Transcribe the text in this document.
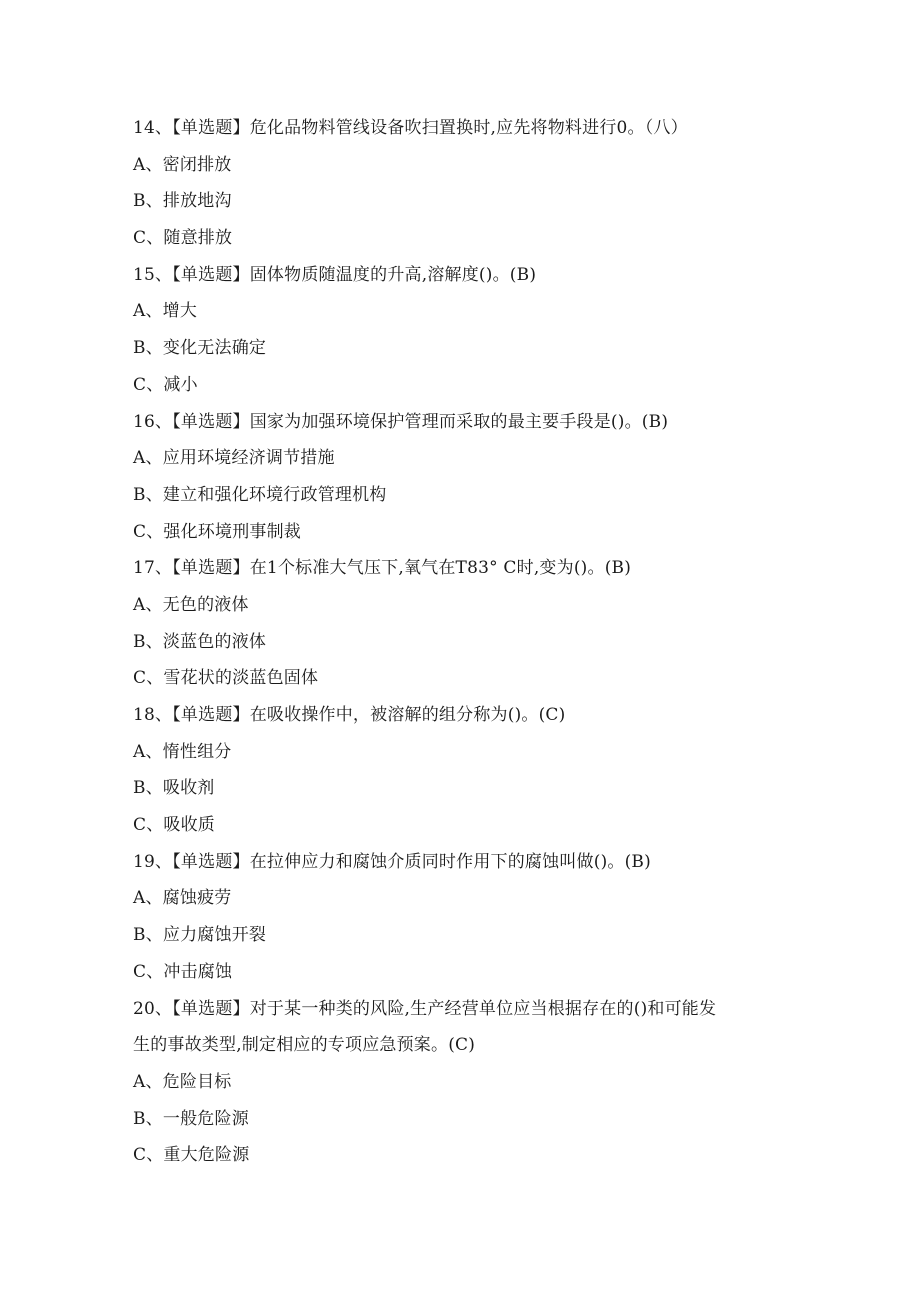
14、【单选题】危化品物料管线设备吹扫置换时,应先将物料进行0。（八）
A、密闭排放
B、排放地沟
C、随意排放
15、【单选题】固体物质随温度的升高,溶解度()。(B)
A、增大
B、变化无法确定
C、减小
16、【单选题】国家为加强环境保护管理而采取的最主要手段是()。(B)
A、应用环境经济调节措施
B、建立和强化环境行政管理机构
C、强化环境刑事制裁
17、【单选题】在1个标准大气压下,氧气在T83° C时,变为()。(B)
A、无色的液体
B、淡蓝色的液体
C、雪花状的淡蓝色固体
18、【单选题】在吸收操作中，被溶解的组分称为()。(C)
A、惰性组分
B、吸收剂
C、吸收质
19、【单选题】在拉伸应力和腐蚀介质同时作用下的腐蚀叫做()。(B)
A、腐蚀疲劳
B、应力腐蚀开裂
C、冲击腐蚀
20、【单选题】对于某一种类的风险,生产经营单位应当根据存在的()和可能发
生的事故类型,制定相应的专项应急预案。(C)
A、危险目标
B、一般危险源
C、重大危险源
